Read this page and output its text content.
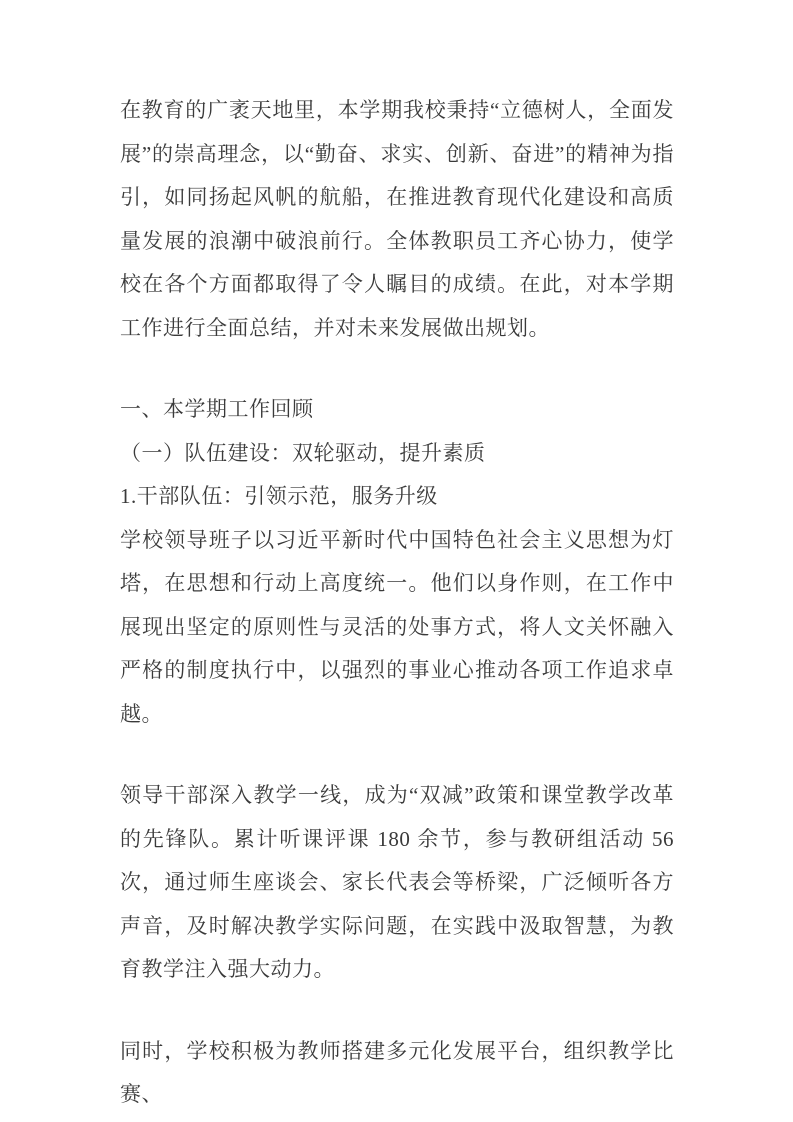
在教育的广袤天地里，本学期我校秉持“立德树人，全面发展”的崇高理念，以“勤奋、求实、创新、奋进”的精神为指引，如同扬起风帆的航船，在推进教育现代化建设和高质量发展的浪潮中破浪前行。全体教职员工齐心协力，使学校在各个方面都取得了令人瞩目的成绩。在此，对本学期工作进行全面总结，并对未来发展做出规划。
一、本学期工作回顾
（一）队伍建设：双轮驱动，提升素质
1.干部队伍：引领示范，服务升级
学校领导班子以习近平新时代中国特色社会主义思想为灯塔，在思想和行动上高度统一。他们以身作则，在工作中展现出坚定的原则性与灵活的处事方式，将人文关怀融入严格的制度执行中，以强烈的事业心推动各项工作追求卓越。
领导干部深入教学一线，成为“双减”政策和课堂教学改革的先锋队。累计听课评课 180 余节，参与教研组活动 56 次，通过师生座谈会、家长代表会等桥梁，广泛倾听各方声音，及时解决教学实际问题，在实践中汲取智慧，为教育教学注入强大动力。
同时，学校积极为教师搭建多元化发展平台，组织教学比赛、
